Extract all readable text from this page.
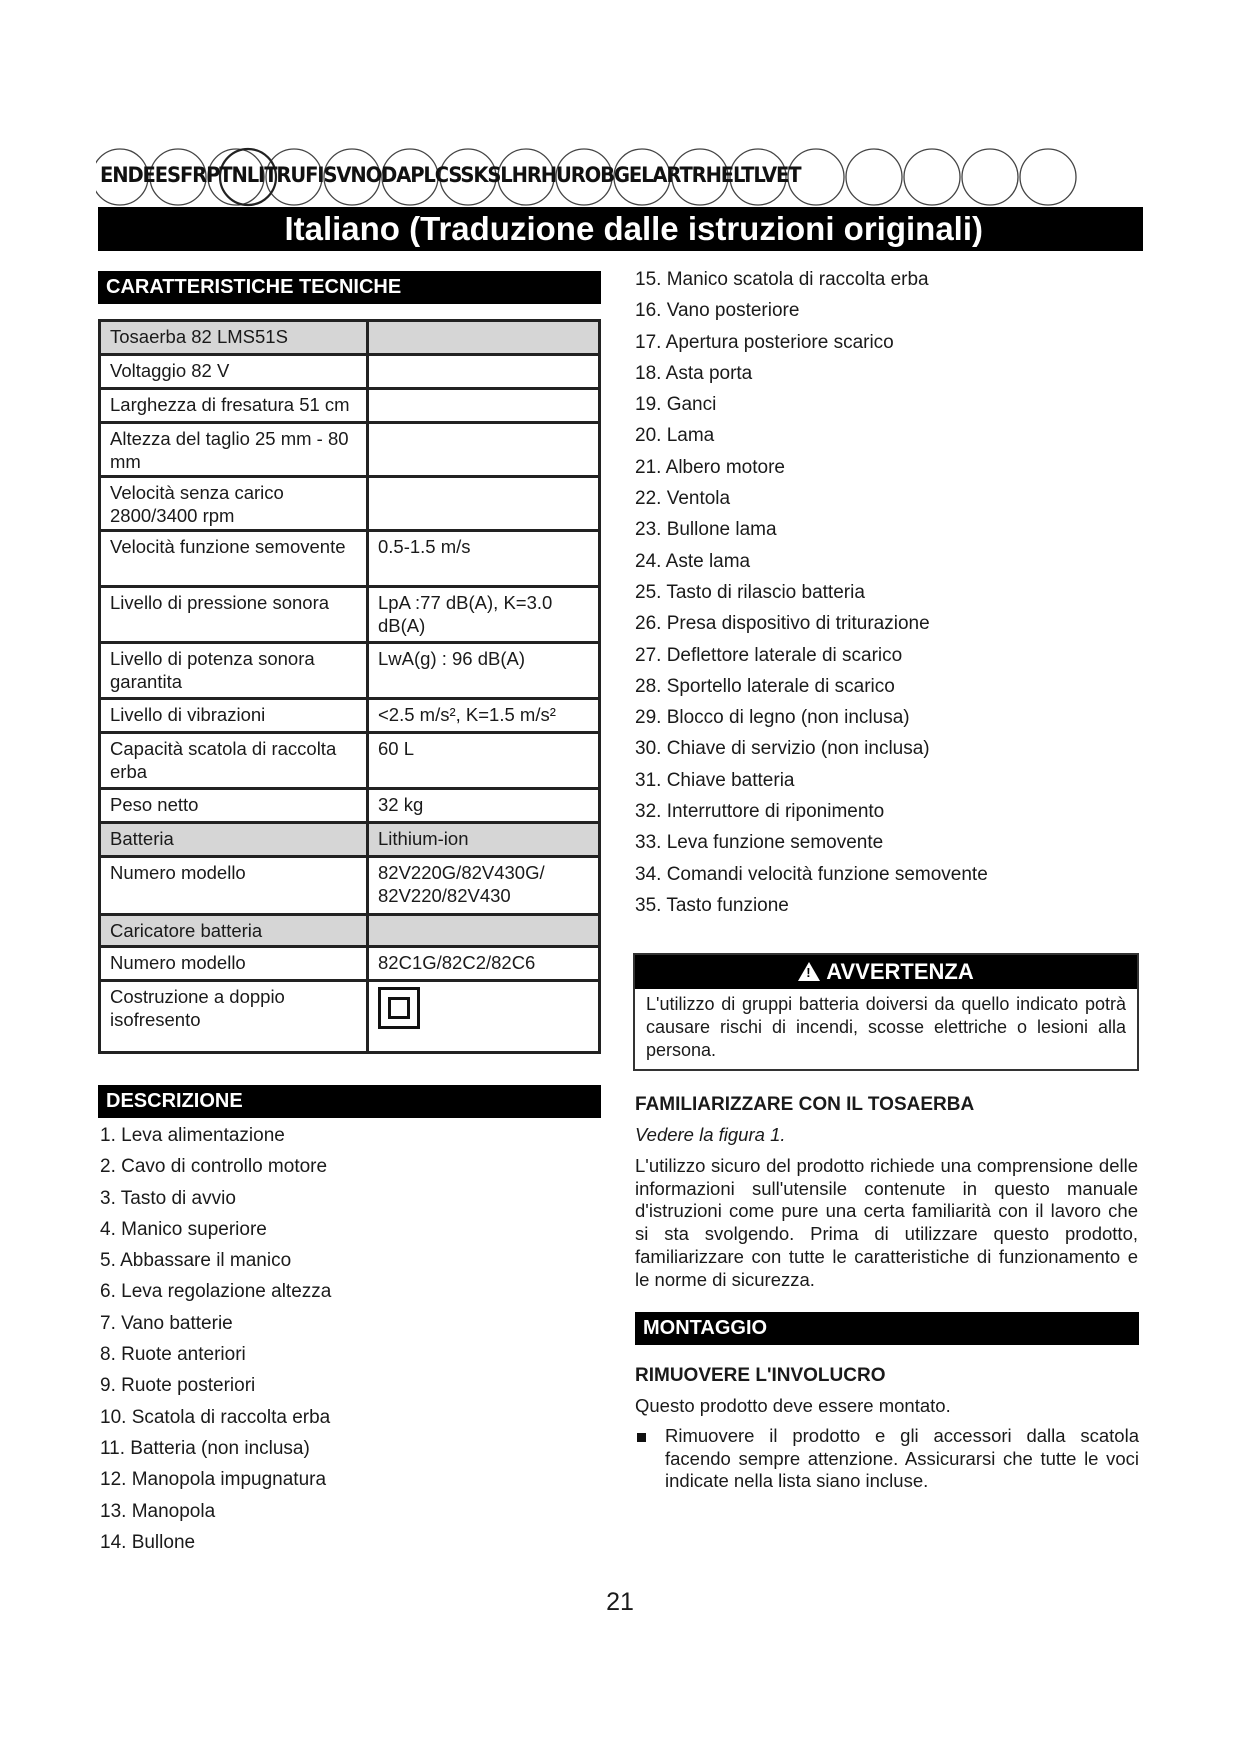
ENDEESFRPTNLITRUFISVNODAPLCSSKSLHRHUROBGELARTRHELTLVET
Italiano (Traduzione dalle istruzioni originali)
CARATTERISTICHE TECNICHE
Tosaerba 82 LMS51S	
Voltaggio 82 V	
Larghezza di fresatura 51 cm	
Altezza del taglio 25 mm - 80 mm	
Velocità senza carico 2800/3400 rpm	
Velocità funzione semovente	0.5-1.5 m/s
Livello di pressione sonora	LpA :77 dB(A), K=3.0 dB(A)
Livello di potenza sonora garantita	LwA(g) : 96 dB(A)
Livello di vibrazioni	<2.5 m/s², K=1.5 m/s²
Capacità scatola di raccolta erba	60 L
Peso netto	32 kg
Batteria	Lithium-ion
Numero modello	82V220G/82V430G/ 82V220/82V430
Caricatore batteria	
Numero modello	82C1G/82C2/82C6
Costruzione a doppio isofresento	
DESCRIZIONE
1. Leva alimentazione
2. Cavo di controllo motore
3. Tasto di avvio
4. Manico superiore
5. Abbassare il manico
6. Leva regolazione altezza
7. Vano batterie
8. Ruote anteriori
9. Ruote posteriori
10. Scatola di raccolta erba
11. Batteria (non inclusa)
12. Manopola impugnatura
13. Manopola
14. Bullone
15. Manico scatola di raccolta erba
16. Vano posteriore
17. Apertura posteriore scarico
18. Asta porta
19. Ganci
20. Lama
21. Albero motore
22. Ventola
23. Bullone lama
24. Aste lama
25. Tasto di rilascio batteria
26. Presa dispositivo di triturazione
27. Deflettore laterale di scarico
28. Sportello laterale di scarico
29. Blocco di legno (non inclusa)
30. Chiave di servizio (non inclusa)
31. Chiave batteria
32. Interruttore di riponimento
33. Leva funzione semovente
34. Comandi velocità funzione semovente
35. Tasto funzione
! AVVERTENZA
L'utilizzo di gruppi batteria doiversi da quello indicato potrà causare rischi di incendi, scosse elettriche o lesioni alla persona.
FAMILIARIZZARE CON IL TOSAERBA
Vedere la figura 1.
L'utilizzo sicuro del prodotto richiede una comprensione delle informazioni sull'utensile contenute in questo manuale d'istruzioni come pure una certa familiarità con il lavoro che si sta svolgendo. Prima di utilizzare questo prodotto, familiarizzare con tutte le caratteristiche di funzionamento e le norme di sicurezza.
MONTAGGIO
RIMUOVERE L'INVOLUCRO
Questo prodotto deve essere montato.
Rimuovere il prodotto e gli accessori dalla scatola facendo sempre attenzione. Assicurarsi che tutte le voci indicate nella lista siano incluse.
21
